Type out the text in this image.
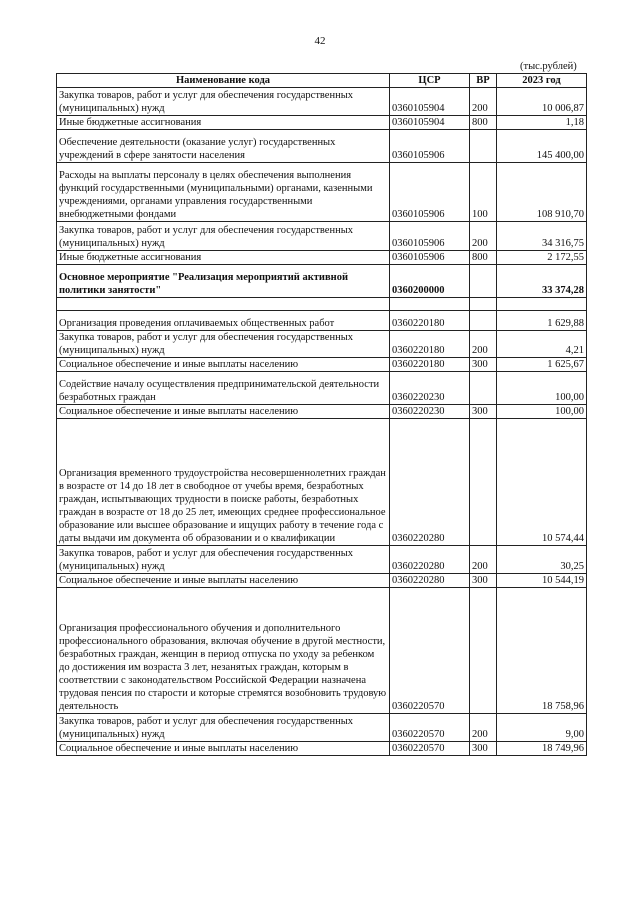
42
(тыс.рублей)
Наименование кода	ЦСР	ВР	2023 год
Закупка товаров, работ и услуг для обеспечения государственных (муниципальных) нужд	0360105904	200	10 006,87
Иные бюджетные ассигнования	0360105904	800	1,18
Обеспечение деятельности (оказание услуг) государственных учреждений в сфере занятости населения	0360105906		145 400,00
Расходы на выплаты персоналу в целях обеспечения выполнения функций государственными (муниципальными) органами, казенными учреждениями, органами управления государственными внебюджетными фондами	0360105906	100	108 910,70
Закупка товаров, работ и услуг для обеспечения государственных (муниципальных) нужд	0360105906	200	34 316,75
Иные бюджетные ассигнования	0360105906	800	2 172,55
Основное мероприятие "Реализация мероприятий активной политики занятости"	0360200000		33 374,28

Организация проведения оплачиваемых общественных работ	0360220180		1 629,88
Закупка товаров, работ и услуг для обеспечения государственных (муниципальных) нужд	0360220180	200	4,21
Социальное обеспечение и иные выплаты населению	0360220180	300	1 625,67
Содействие началу осуществления предпринимательской деятельности безработных граждан	0360220230		100,00
Социальное обеспечение и иные выплаты населению	0360220230	300	100,00
Организация временного трудоустройства несовершеннолетних граждан в возрасте от 14 до 18 лет в свободное от учебы время, безработных граждан, испытывающих трудности в поиске работы, безработных граждан в возрасте от 18 до 25 лет, имеющих среднее профессиональное образование или высшее образование и ищущих работу в течение года с даты выдачи им документа об образовании и о квалификации	0360220280		10 574,44
Закупка товаров, работ и услуг для обеспечения государственных (муниципальных) нужд	0360220280	200	30,25
Социальное обеспечение и иные выплаты населению	0360220280	300	10 544,19
Организация профессионального обучения и дополнительного профессионального образования, включая обучение в другой местности, безработных граждан, женщин в период отпуска по уходу за ребенком до достижения им возраста 3 лет, незанятых граждан, которым в соответствии с законодательством Российской Федерации назначена трудовая пенсия по старости и которые стремятся возобновить трудовую деятельность	0360220570		18 758,96
Закупка товаров, работ и услуг для обеспечения государственных (муниципальных) нужд	0360220570	200	9,00
Социальное обеспечение и иные выплаты населению	0360220570	300	18 749,96
